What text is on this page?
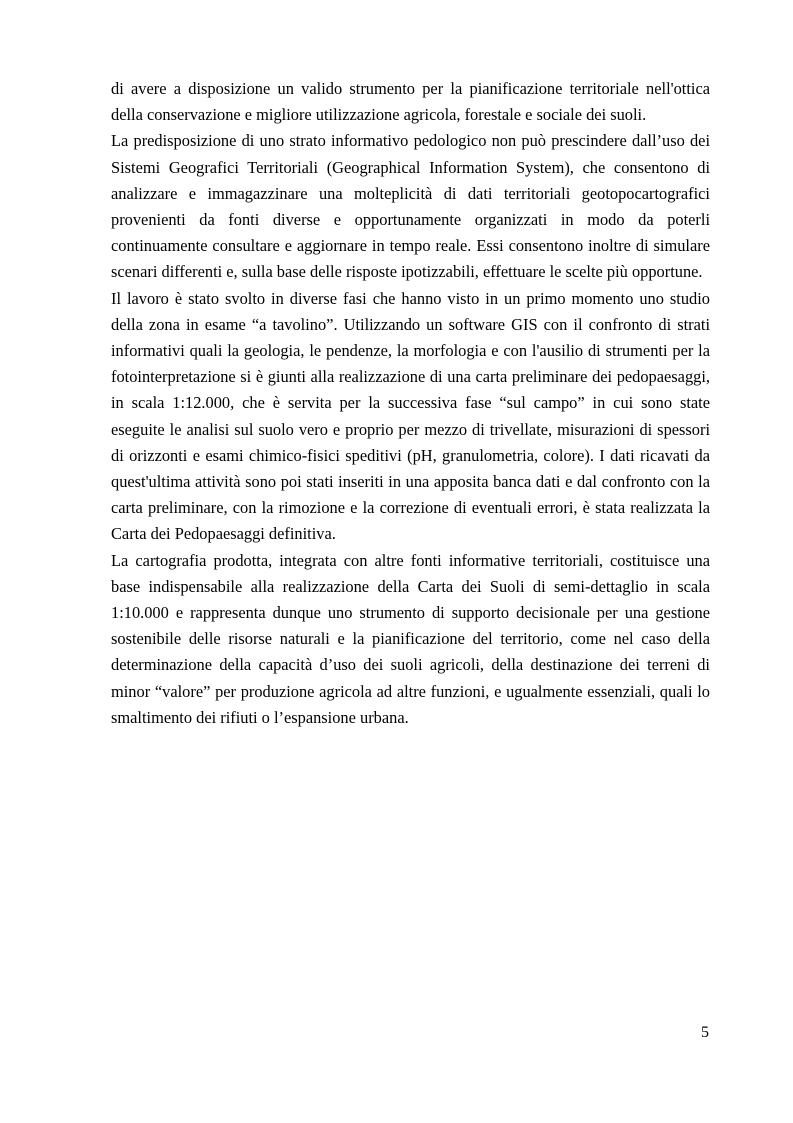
di avere a disposizione un valido strumento per la pianificazione territoriale nell'ottica della conservazione e migliore utilizzazione agricola, forestale e sociale dei suoli.

La predisposizione di uno strato informativo pedologico non può prescindere dall’uso dei Sistemi Geografici Territoriali (Geographical Information System), che consentono di analizzare e immagazzinare una molteplicità di dati territoriali geotopocartografici provenienti da fonti diverse e opportunamente organizzati in modo da poterli continuamente consultare e aggiornare in tempo reale. Essi consentono inoltre di simulare scenari differenti e, sulla base delle risposte ipotizzabili, effettuare le scelte più opportune.

Il lavoro è stato svolto in diverse fasi che hanno visto in un primo momento uno studio della zona in esame “a tavolino”. Utilizzando un software GIS con il confronto di strati informativi quali la geologia, le pendenze, la morfologia e con l'ausilio di strumenti per la fotointerpretazione si è giunti alla realizzazione di una carta preliminare dei pedopaesaggi, in scala 1:12.000, che è servita per la successiva fase “sul campo” in cui sono state eseguite le analisi sul suolo vero e proprio per mezzo di trivellate, misurazioni di spessori di orizzonti e esami chimico-fisici speditivi (pH, granulometria, colore). I dati ricavati da quest'ultima attività sono poi stati inseriti in una apposita banca dati e dal confronto con la carta preliminare, con la rimozione e la correzione di eventuali errori, è stata realizzata la Carta dei Pedopaesaggi definitiva.

La cartografia prodotta, integrata con altre fonti informative territoriali, costituisce una base indispensabile alla realizzazione della Carta dei Suoli di semi-dettaglio in scala 1:10.000 e rappresenta dunque uno strumento di supporto decisionale per una gestione sostenibile delle risorse naturali e la pianificazione del territorio, come nel caso della determinazione della capacità d’uso dei suoli agricoli, della destinazione dei terreni di minor “valore” per produzione agricola ad altre funzioni, e ugualmente essenziali, quali lo smaltimento dei rifiuti o l’espansione urbana.

5
